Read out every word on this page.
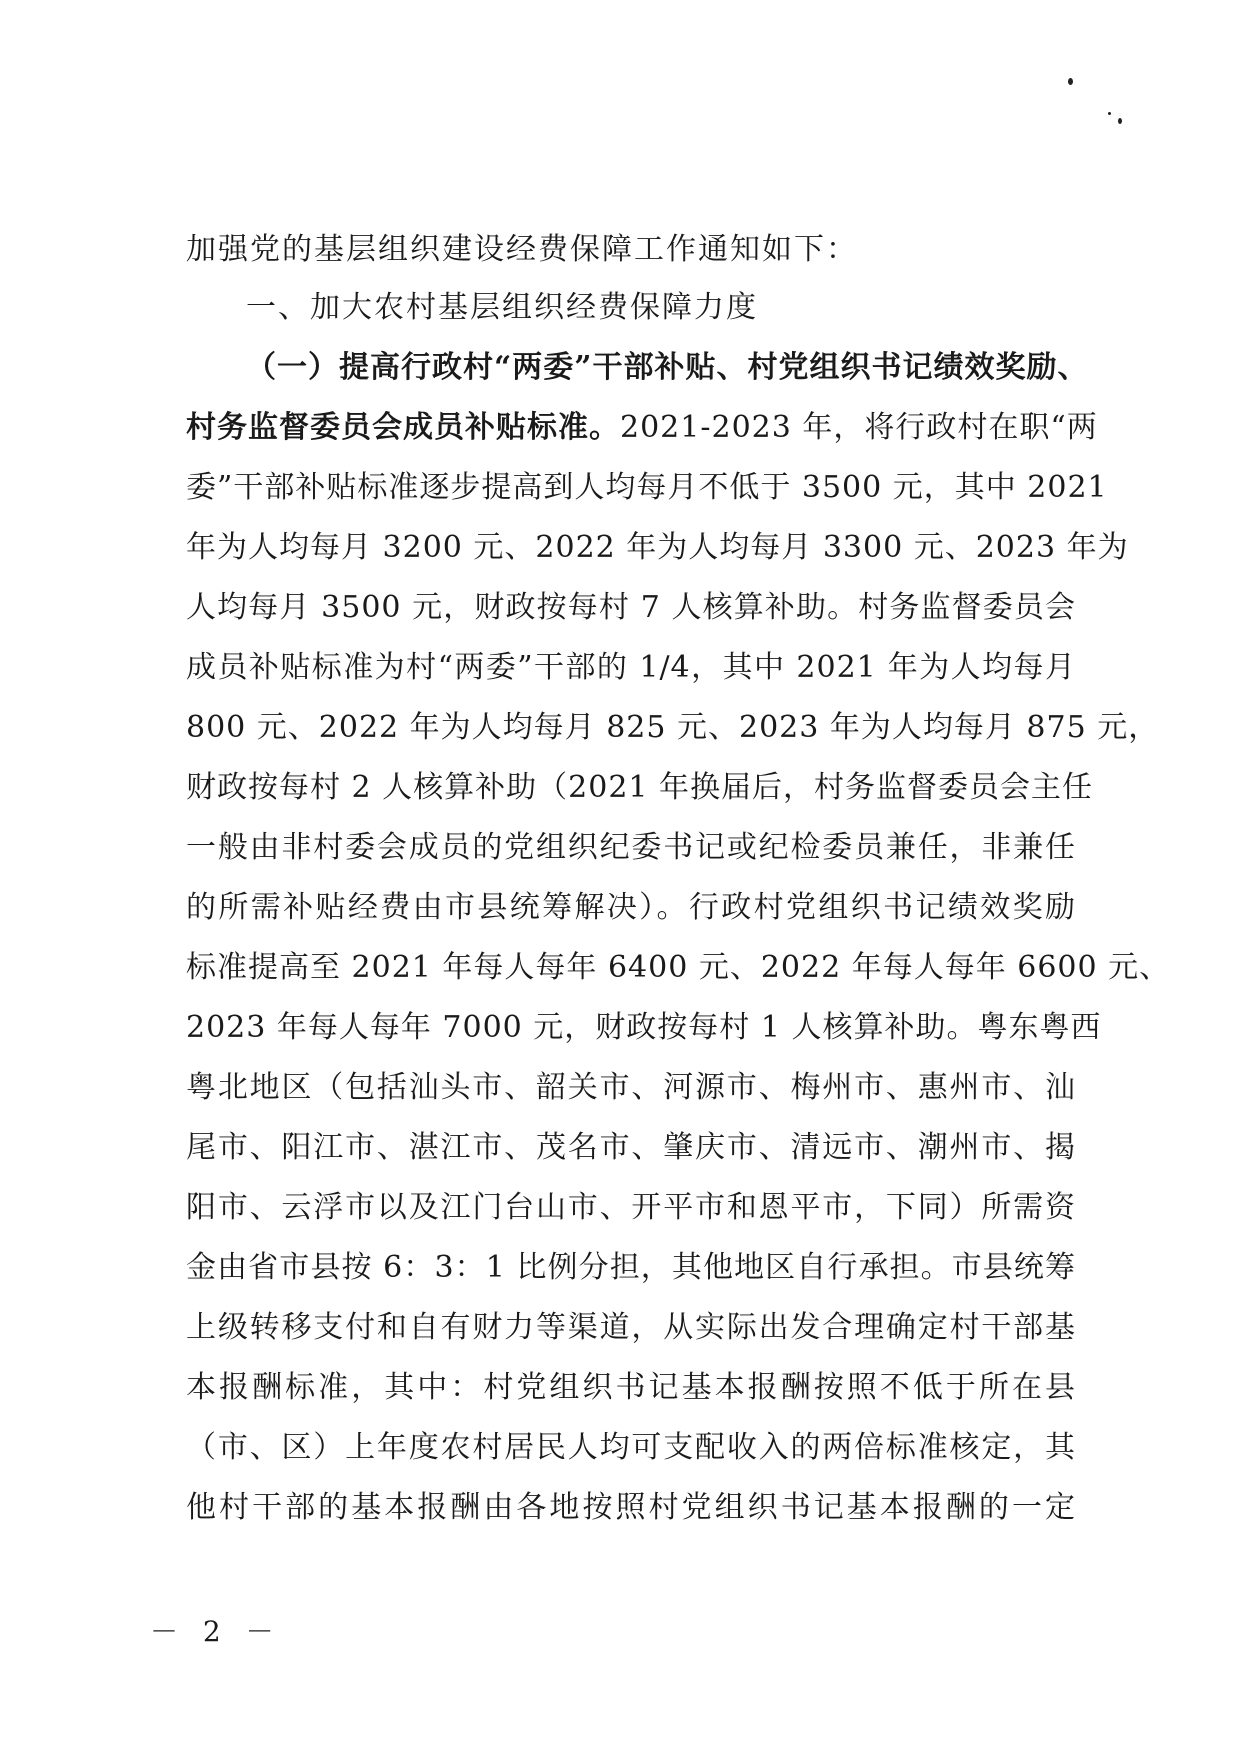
加强党的基层组织建设经费保障工作通知如下：
一、加大农村基层组织经费保障力度
（一）提高行政村“两委”干部补贴、村党组织书记绩效奖励、
村务监督委员会成员补贴标准。2021-2023 年，将行政村在职“两
委”干部补贴标准逐步提高到人均每月不低于 3500 元，其中 2021
年为人均每月 3200 元、2022 年为人均每月 3300 元、2023 年为
人均每月 3500 元，财政按每村 7 人核算补助。村务监督委员会
成员补贴标准为村“两委”干部的 1/4，其中 2021 年为人均每月
800 元、2022 年为人均每月 825 元、2023 年为人均每月 875 元，
财政按每村 2 人核算补助（2021 年换届后，村务监督委员会主任
一般由非村委会成员的党组织纪委书记或纪检委员兼任，非兼任
的所需补贴经费由市县统筹解决）。行政村党组织书记绩效奖励
标准提高至 2021 年每人每年 6400 元、2022 年每人每年 6600 元、
2023 年每人每年 7000 元，财政按每村 1 人核算补助。粤东粤西
粤北地区（包括汕头市、韶关市、河源市、梅州市、惠州市、汕
尾市、阳江市、湛江市、茂名市、肇庆市、清远市、潮州市、揭
阳市、云浮市以及江门台山市、开平市和恩平市，下同）所需资
金由省市县按 6：3：1 比例分担，其他地区自行承担。市县统筹
上级转移支付和自有财力等渠道，从实际出发合理确定村干部基
本报酬标准，其中：村党组织书记基本报酬按照不低于所在县
（市、区）上年度农村居民人均可支配收入的两倍标准核定，其
他村干部的基本报酬由各地按照村党组织书记基本报酬的一定
－ 2 －
